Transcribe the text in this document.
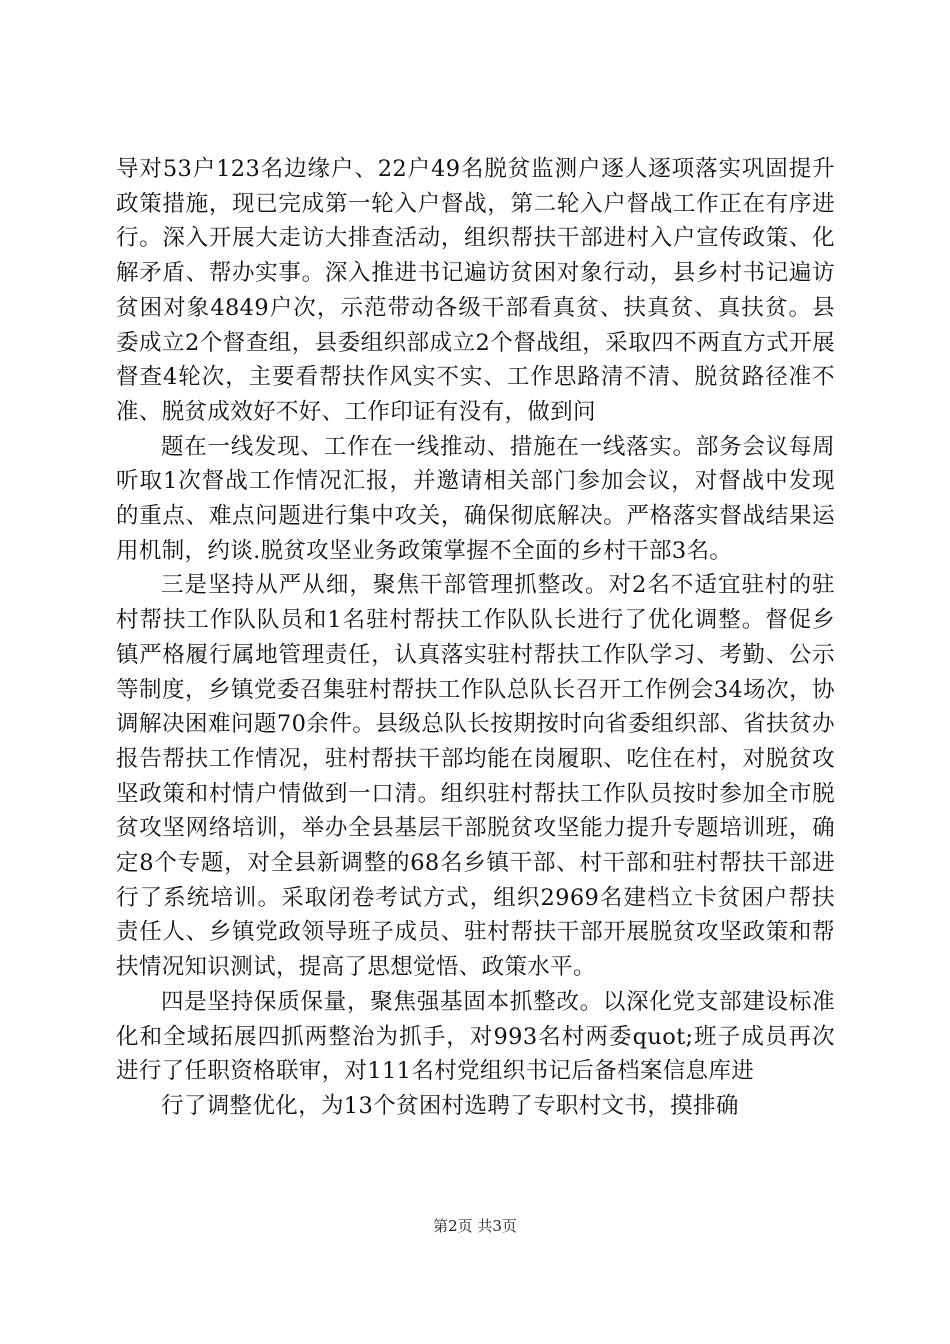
导对53户123名边缘户、22户49名脱贫监测户逐人逐项落实巩固提升政策措施，现已完成第一轮入户督战，第二轮入户督战工作正在有序进行。深入开展大走访大排查活动，组织帮扶干部进村入户宣传政策、化解矛盾、帮办实事。深入推进书记遍访贫困对象行动，县乡村书记遍访贫困对象4849户次，示范带动各级干部看真贫、扶真贫、真扶贫。县委成立2个督查组，县委组织部成立2个督战组，采取四不两直方式开展督查4轮次，主要看帮扶作风实不实、工作思路清不清、脱贫路径准不准、脱贫成效好不好、工作印证有没有，做到问

题在一线发现、工作在一线推动、措施在一线落实。部务会议每周听取1次督战工作情况汇报，并邀请相关部门参加会议，对督战中发现的重点、难点问题进行集中攻关，确保彻底解决。严格落实督战结果运用机制，约谈.脱贫攻坚业务政策掌握不全面的乡村干部3名。

三是坚持从严从细，聚焦干部管理抓整改。对2名不适宜驻村的驻村帮扶工作队队员和1名驻村帮扶工作队队长进行了优化调整。督促乡镇严格履行属地管理责任，认真落实驻村帮扶工作队学习、考勤、公示等制度，乡镇党委召集驻村帮扶工作队总队长召开工作例会34场次，协调解决困难问题70余件。县级总队长按期按时向省委组织部、省扶贫办报告帮扶工作情况，驻村帮扶干部均能在岗履职、吃住在村，对脱贫攻坚政策和村情户情做到一口清。组织驻村帮扶工作队员按时参加全市脱贫攻坚网络培训，举办全县基层干部脱贫攻坚能力提升专题培训班，确定8个专题，对全县新调整的68名乡镇干部、村干部和驻村帮扶干部进行了系统培训。采取闭卷考试方式，组织2969名建档立卡贫困户帮扶责任人、乡镇党政领导班子成员、驻村帮扶干部开展脱贫攻坚政策和帮扶情况知识测试，提高了思想觉悟、政策水平。

四是坚持保质保量，聚焦强基固本抓整改。以深化党支部建设标准化和全域拓展四抓两整治为抓手，对993名村两委quot;班子成员再次进行了任职资格联审，对111名村党组织书记后备档案信息库进

行了调整优化，为13个贫困村选聘了专职村文书，摸排确

第2页 共3页
